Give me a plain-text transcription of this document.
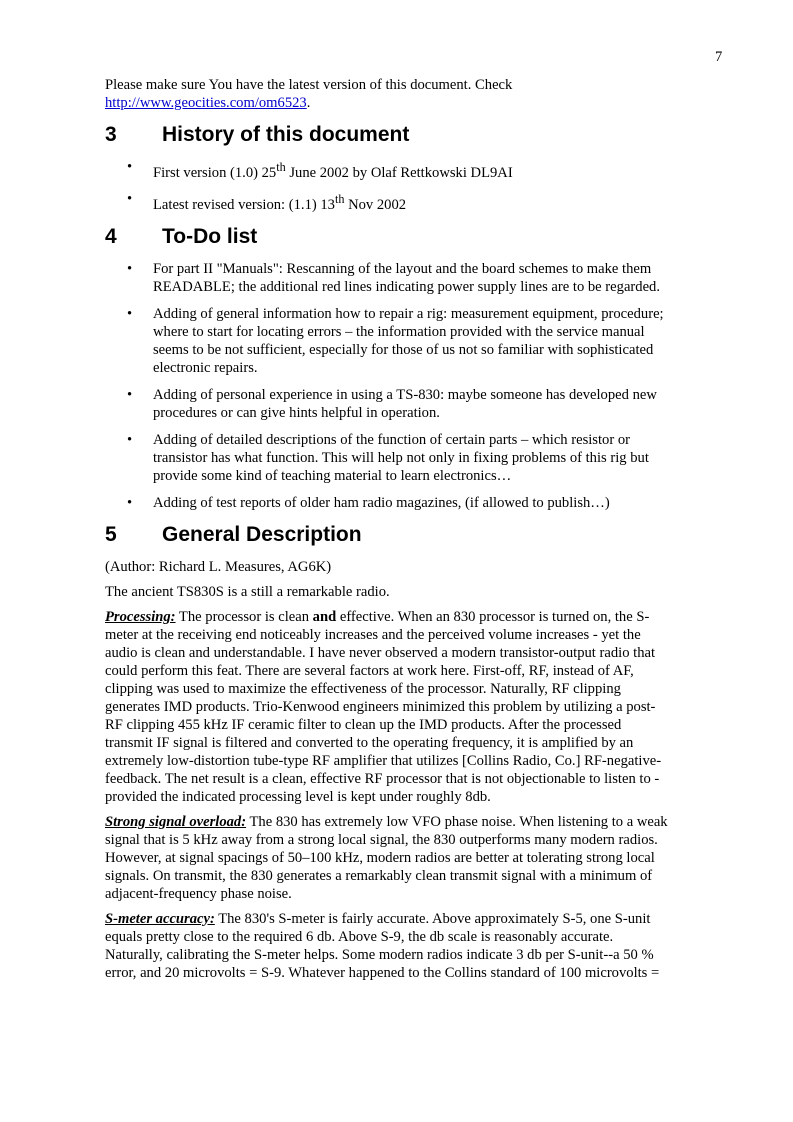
7

Please make sure You have the latest version of this document. Check
http://www.geocities.com/om6523.

3	History of this document
• First version (1.0) 25th June 2002 by Olaf Rettkowski DL9AI
• Latest revised version: (1.1) 13th Nov 2002
4	To-Do list
• For part II "Manuals": Rescanning of the layout and the board schemes to make them
READABLE; the additional red lines indicating power supply lines are to be regarded.
• Adding of general information how to repair a rig: measurement equipment, procedure;
where to start for locating errors – the information provided with the service manual
seems to be not sufficient, especially for those of us not so familiar with sophisticated
electronic repairs.
• Adding of personal experience in using a TS-830: maybe someone has developed new
procedures or can give hints helpful in operation.
• Adding of detailed descriptions of the function of certain parts – which resistor or
transistor has what function. This will help not only in fixing problems of this rig but
provide some kind of teaching material to learn electronics…
• Adding of test reports of older ham radio magazines, (if allowed to publish…)
5	General Description

(Author: Richard L. Measures, AG6K)

The ancient TS830S is a still a remarkable radio.

Processing: The processor is clean and effective. When an 830 processor is turned on, the S-
meter at the receiving end noticeably increases and the perceived volume increases - yet the
audio is clean and understandable. I have never observed a modern transistor-output radio that
could perform this feat. There are several factors at work here. First-off, RF, instead of AF,
clipping was used to maximize the effectiveness of the processor. Naturally, RF clipping
generates IMD products. Trio-Kenwood engineers minimized this problem by utilizing a post-
RF clipping 455 kHz IF ceramic filter to clean up the IMD products. After the processed
transmit IF signal is filtered and converted to the operating frequency, it is amplified by an
extremely low-distortion tube-type RF amplifier that utilizes [Collins Radio, Co.] RF-negative-
feedback. The net result is a clean, effective RF processor that is not objectionable to listen to -
provided the indicated processing level is kept under roughly 8db.

Strong signal overload: The 830 has extremely low VFO phase noise. When listening to a weak
signal that is 5 kHz away from a strong local signal, the 830 outperforms many modern radios.
However, at signal spacings of 50–100 kHz, modern radios are better at tolerating strong local
signals. On transmit, the 830 generates a remarkably clean transmit signal with a minimum of
adjacent-frequency phase noise.

S-meter accuracy: The 830's S-meter is fairly accurate. Above approximately S-5, one S-unit
equals pretty close to the required 6 db. Above S-9, the db scale is reasonably accurate.
Naturally, calibrating the S-meter helps. Some modern radios indicate 3 db per S-unit--a 50 %
error, and 20 microvolts = S-9. Whatever happened to the Collins standard of 100 microvolts =
